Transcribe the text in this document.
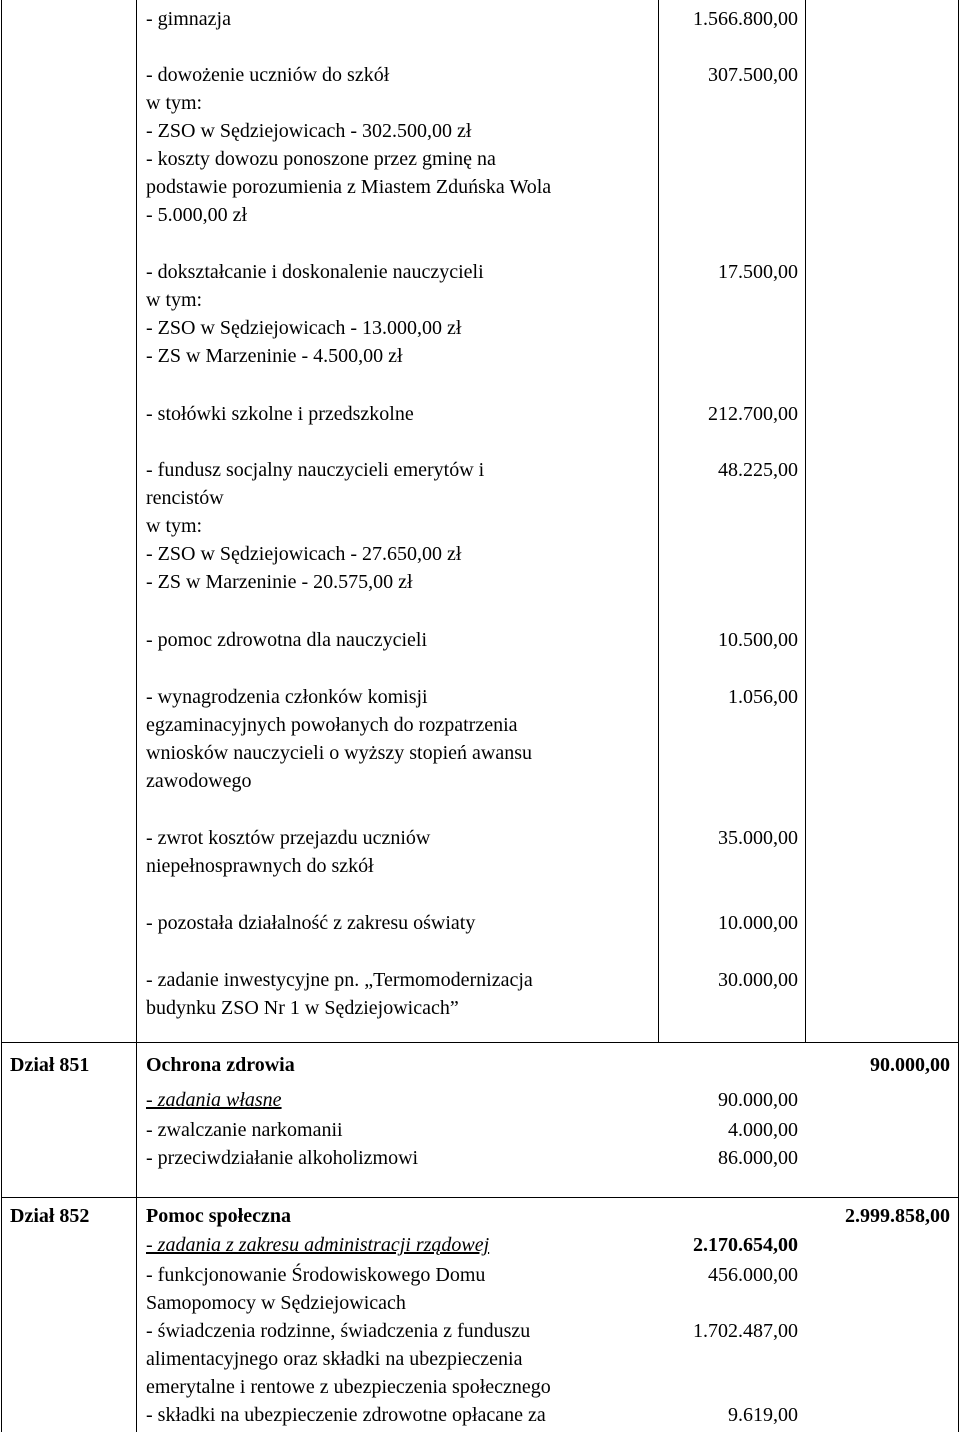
- gimnazja	1.566.800,00
- dowożenie uczniów do szkół
w tym:
- ZSO w Sędziejowicach - 302.500,00 zł
- koszty dowozu ponoszone przez gminę na
podstawie porozumienia z Miastem Zduńska Wola
- 5.000,00 zł
307.500,00
- dokształcanie i doskonalenie nauczycieli
w tym:
- ZSO w Sędziejowicach - 13.000,00 zł
- ZS w Marzeninie - 4.500,00 zł
17.500,00
- stołówki szkolne i przedszkolne	212.700,00
- fundusz socjalny nauczycieli emerytów i
rencistów
w tym:
- ZSO w Sędziejowicach - 27.650,00 zł
- ZS w Marzeninie - 20.575,00 zł
48.225,00
- pomoc zdrowotna dla nauczycieli	10.500,00
- wynagrodzenia członków komisji
egzaminacyjnych powołanych do rozpatrzenia
wniosków nauczycieli o wyższy stopień awansu
zawodowego
1.056,00
- zwrot kosztów przejazdu uczniów
niepełnosprawnych do szkół
35.000,00
- pozostała działalność z zakresu oświaty	10.000,00
- zadanie inwestycyjne pn. „Termomodernizacja
budynku ZSO Nr 1 w Sędziejowicach”
30.000,00
Dział 851	Ochrona zdrowia	90.000,00
- zadania własne	90.000,00
- zwalczanie narkomanii	4.000,00
- przeciwdziałanie alkoholizmowi	86.000,00
Dział 852	Pomoc społeczna	2.999.858,00
- zadania z zakresu administracji rządowej	2.170.654,00
- funkcjonowanie Środowiskowego Domu
Samopomocy w Sędziejowicach
456.000,00
- świadczenia rodzinne, świadczenia z funduszu
alimentacyjnego oraz składki na ubezpieczenia
emerytalne i rentowe z ubezpieczenia społecznego
1.702.487,00
- składki na ubezpieczenie zdrowotne opłacane za	9.619,00
